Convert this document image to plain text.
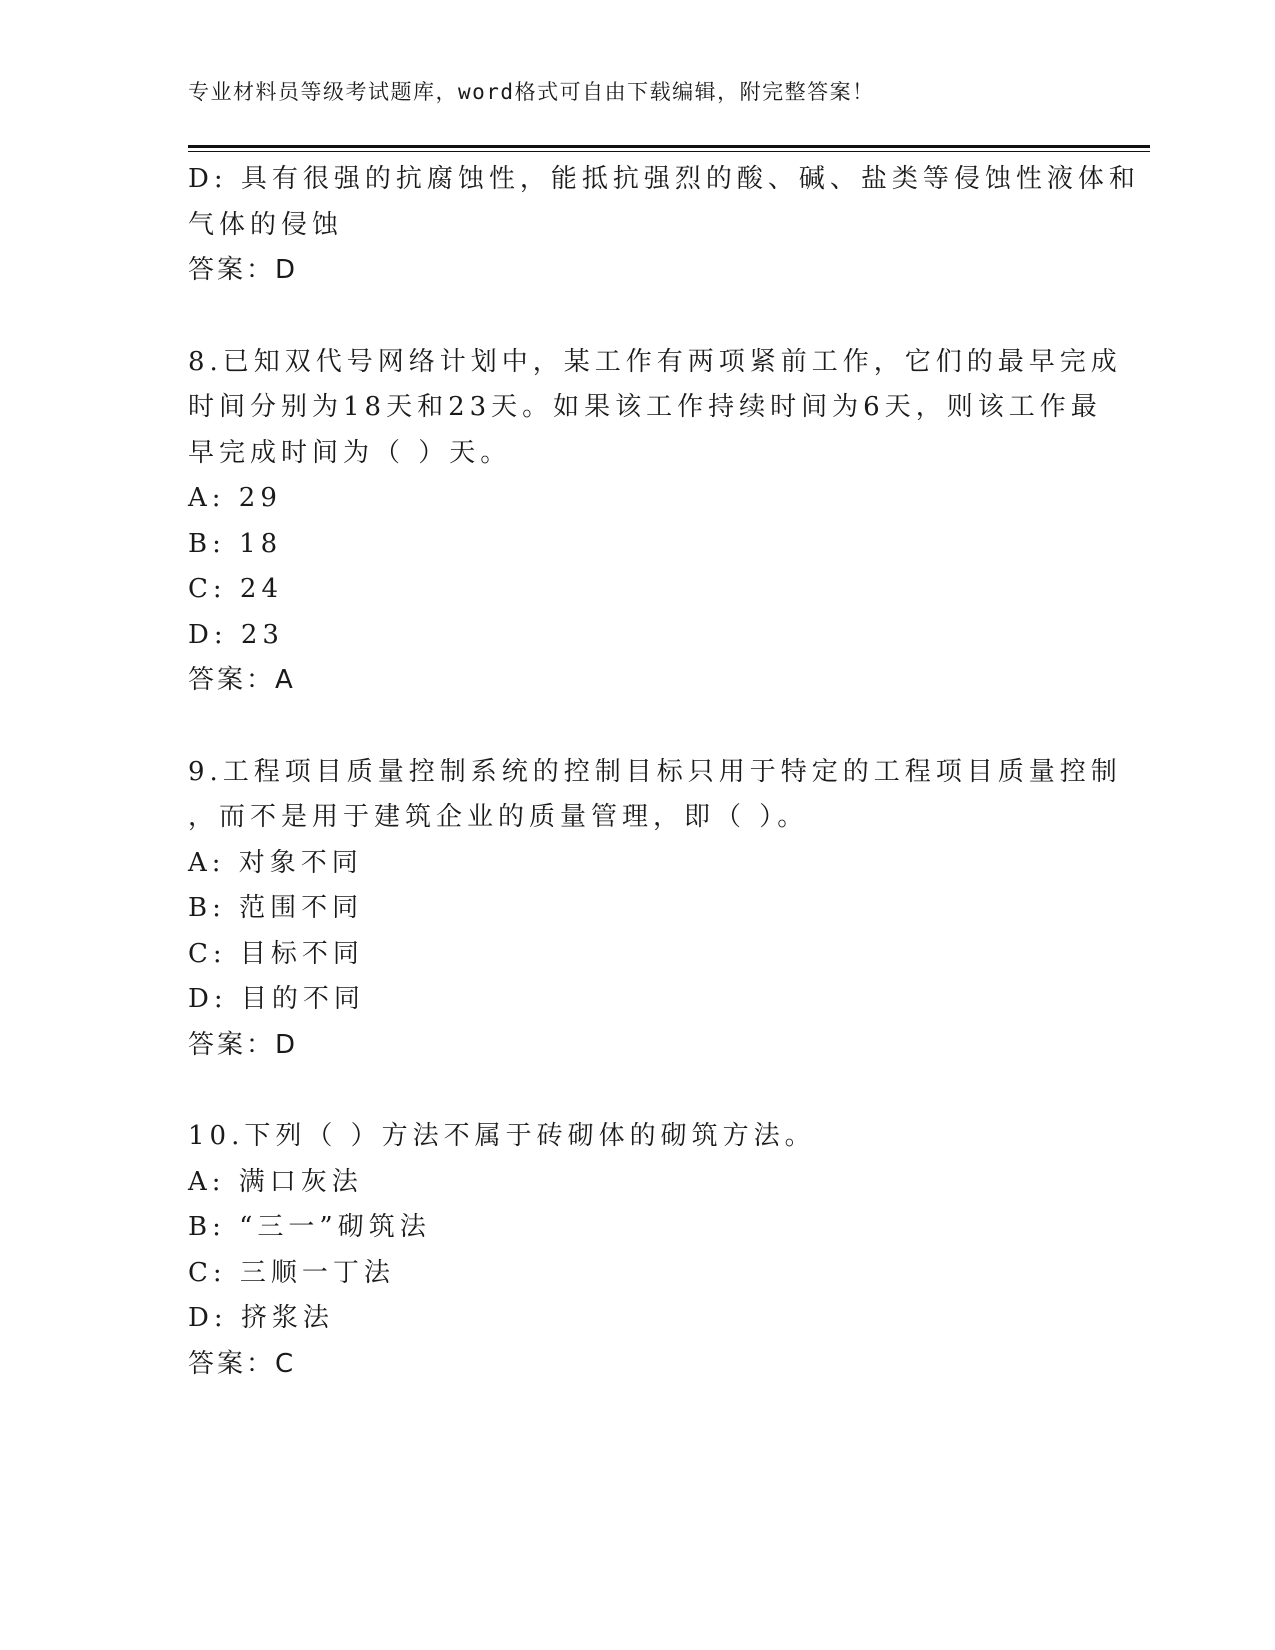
专业材料员等级考试题库，word格式可自由下载编辑，附完整答案！
D: 具有很强的抗腐蚀性，能抵抗强烈的酸、碱、盐类等侵蚀性液体和
气体的侵蚀
答案：D
8.已知双代号网络计划中，某工作有两项紧前工作，它们的最早完成
时间分别为18天和23天。如果该工作持续时间为6天，则该工作最
早完成时间为（ ）天。
A: 29
B: 18
C: 24
D: 23
答案：A
9.工程项目质量控制系统的控制目标只用于特定的工程项目质量控制
，而不是用于建筑企业的质量管理，即（ ）。
A: 对象不同
B: 范围不同
C: 目标不同
D: 目的不同
答案：D
10.下列（ ）方法不属于砖砌体的砌筑方法。
A: 满口灰法
B: “三一”砌筑法
C: 三顺一丁法
D: 挤浆法
答案：C
